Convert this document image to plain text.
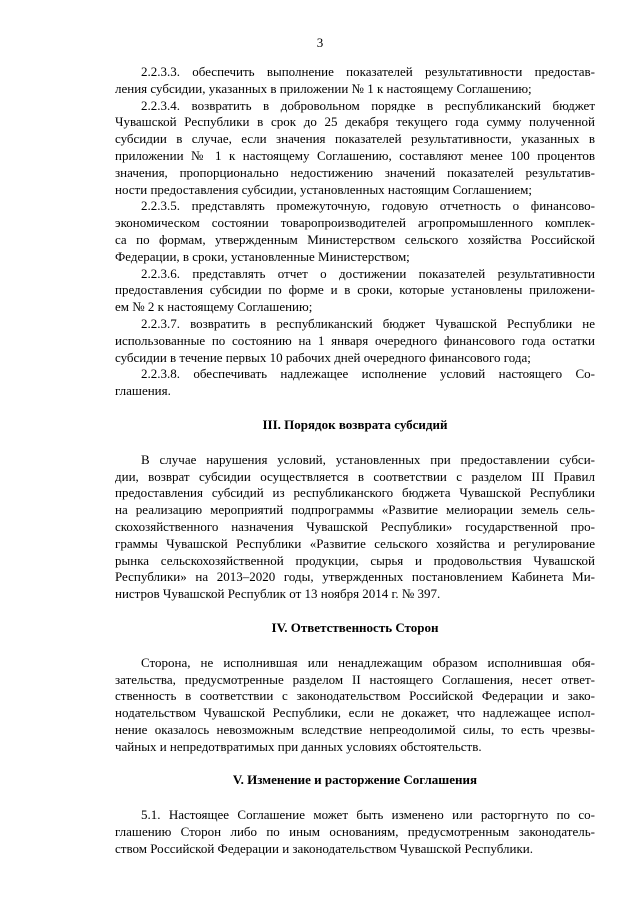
3
2.2.3.3. обеспечить выполнение показателей результативности предостав-
ления субсидии, указанных в приложении № 1 к настоящему Соглашению;
2.2.3.4. возвратить в добровольном порядке в республиканский бюджет
Чувашской Республики в срок до 25 декабря текущего года сумму полученной
субсидии в случае, если значения показателей результативности, указанных в
приложении № 1 к настоящему Соглашению, составляют менее 100 процентов
значения, пропорционально недостижению значений показателей результатив-
ности предоставления субсидии, установленных настоящим Соглашением;
2.2.3.5. представлять промежуточную, годовую отчетность о финансово-
экономическом состоянии товаропроизводителей агропромышленного комплек-
са по формам, утвержденным Министерством сельского хозяйства Российской
Федерации, в сроки, установленные Министерством;
2.2.3.6. представлять отчет о достижении показателей результативности
предоставления субсидии по форме и в сроки, которые установлены приложени-
ем № 2 к настоящему Соглашению;
2.2.3.7. возвратить в республиканский бюджет Чувашской Республики не
использованные по состоянию на 1 января очередного финансового года остатки
субсидии в течение первых 10 рабочих дней очередного финансового года;
2.2.3.8. обеспечивать надлежащее исполнение условий настоящего Со-
глашения.
III. Порядок возврата субсидий
В случае нарушения условий, установленных при предоставлении субси-
дии, возврат субсидии осуществляется в соответствии с разделом III Правил
предоставления субсидий из республиканского бюджета Чувашской Республики
на реализацию мероприятий подпрограммы «Развитие мелиорации земель сель-
скохозяйственного назначения Чувашской Республики» государственной про-
граммы Чувашской Республики «Развитие сельского хозяйства и регулирование
рынка сельскохозяйственной продукции, сырья и продовольствия Чувашской
Республики» на 2013–2020 годы, утвержденных постановлением Кабинета Ми-
нистров Чувашской Республик от 13 ноября 2014 г. № 397.
IV. Ответственность Сторон
Сторона, не исполнившая или ненадлежащим образом исполнившая обя-
зательства, предусмотренные разделом II настоящего Соглашения, несет ответ-
ственность в соответствии с законодательством Российской Федерации и зако-
нодательством Чувашской Республики, если не докажет, что надлежащее испол-
нение оказалось невозможным вследствие непреодолимой силы, то есть чрезвы-
чайных и непредотвратимых при данных условиях обстоятельств.
V. Изменение и расторжение Соглашения
5.1. Настоящее Соглашение может быть изменено или расторгнуто по со-
глашению Сторон либо по иным основаниям, предусмотренным законодатель-
ством Российской Федерации и законодательством Чувашской Республики.
